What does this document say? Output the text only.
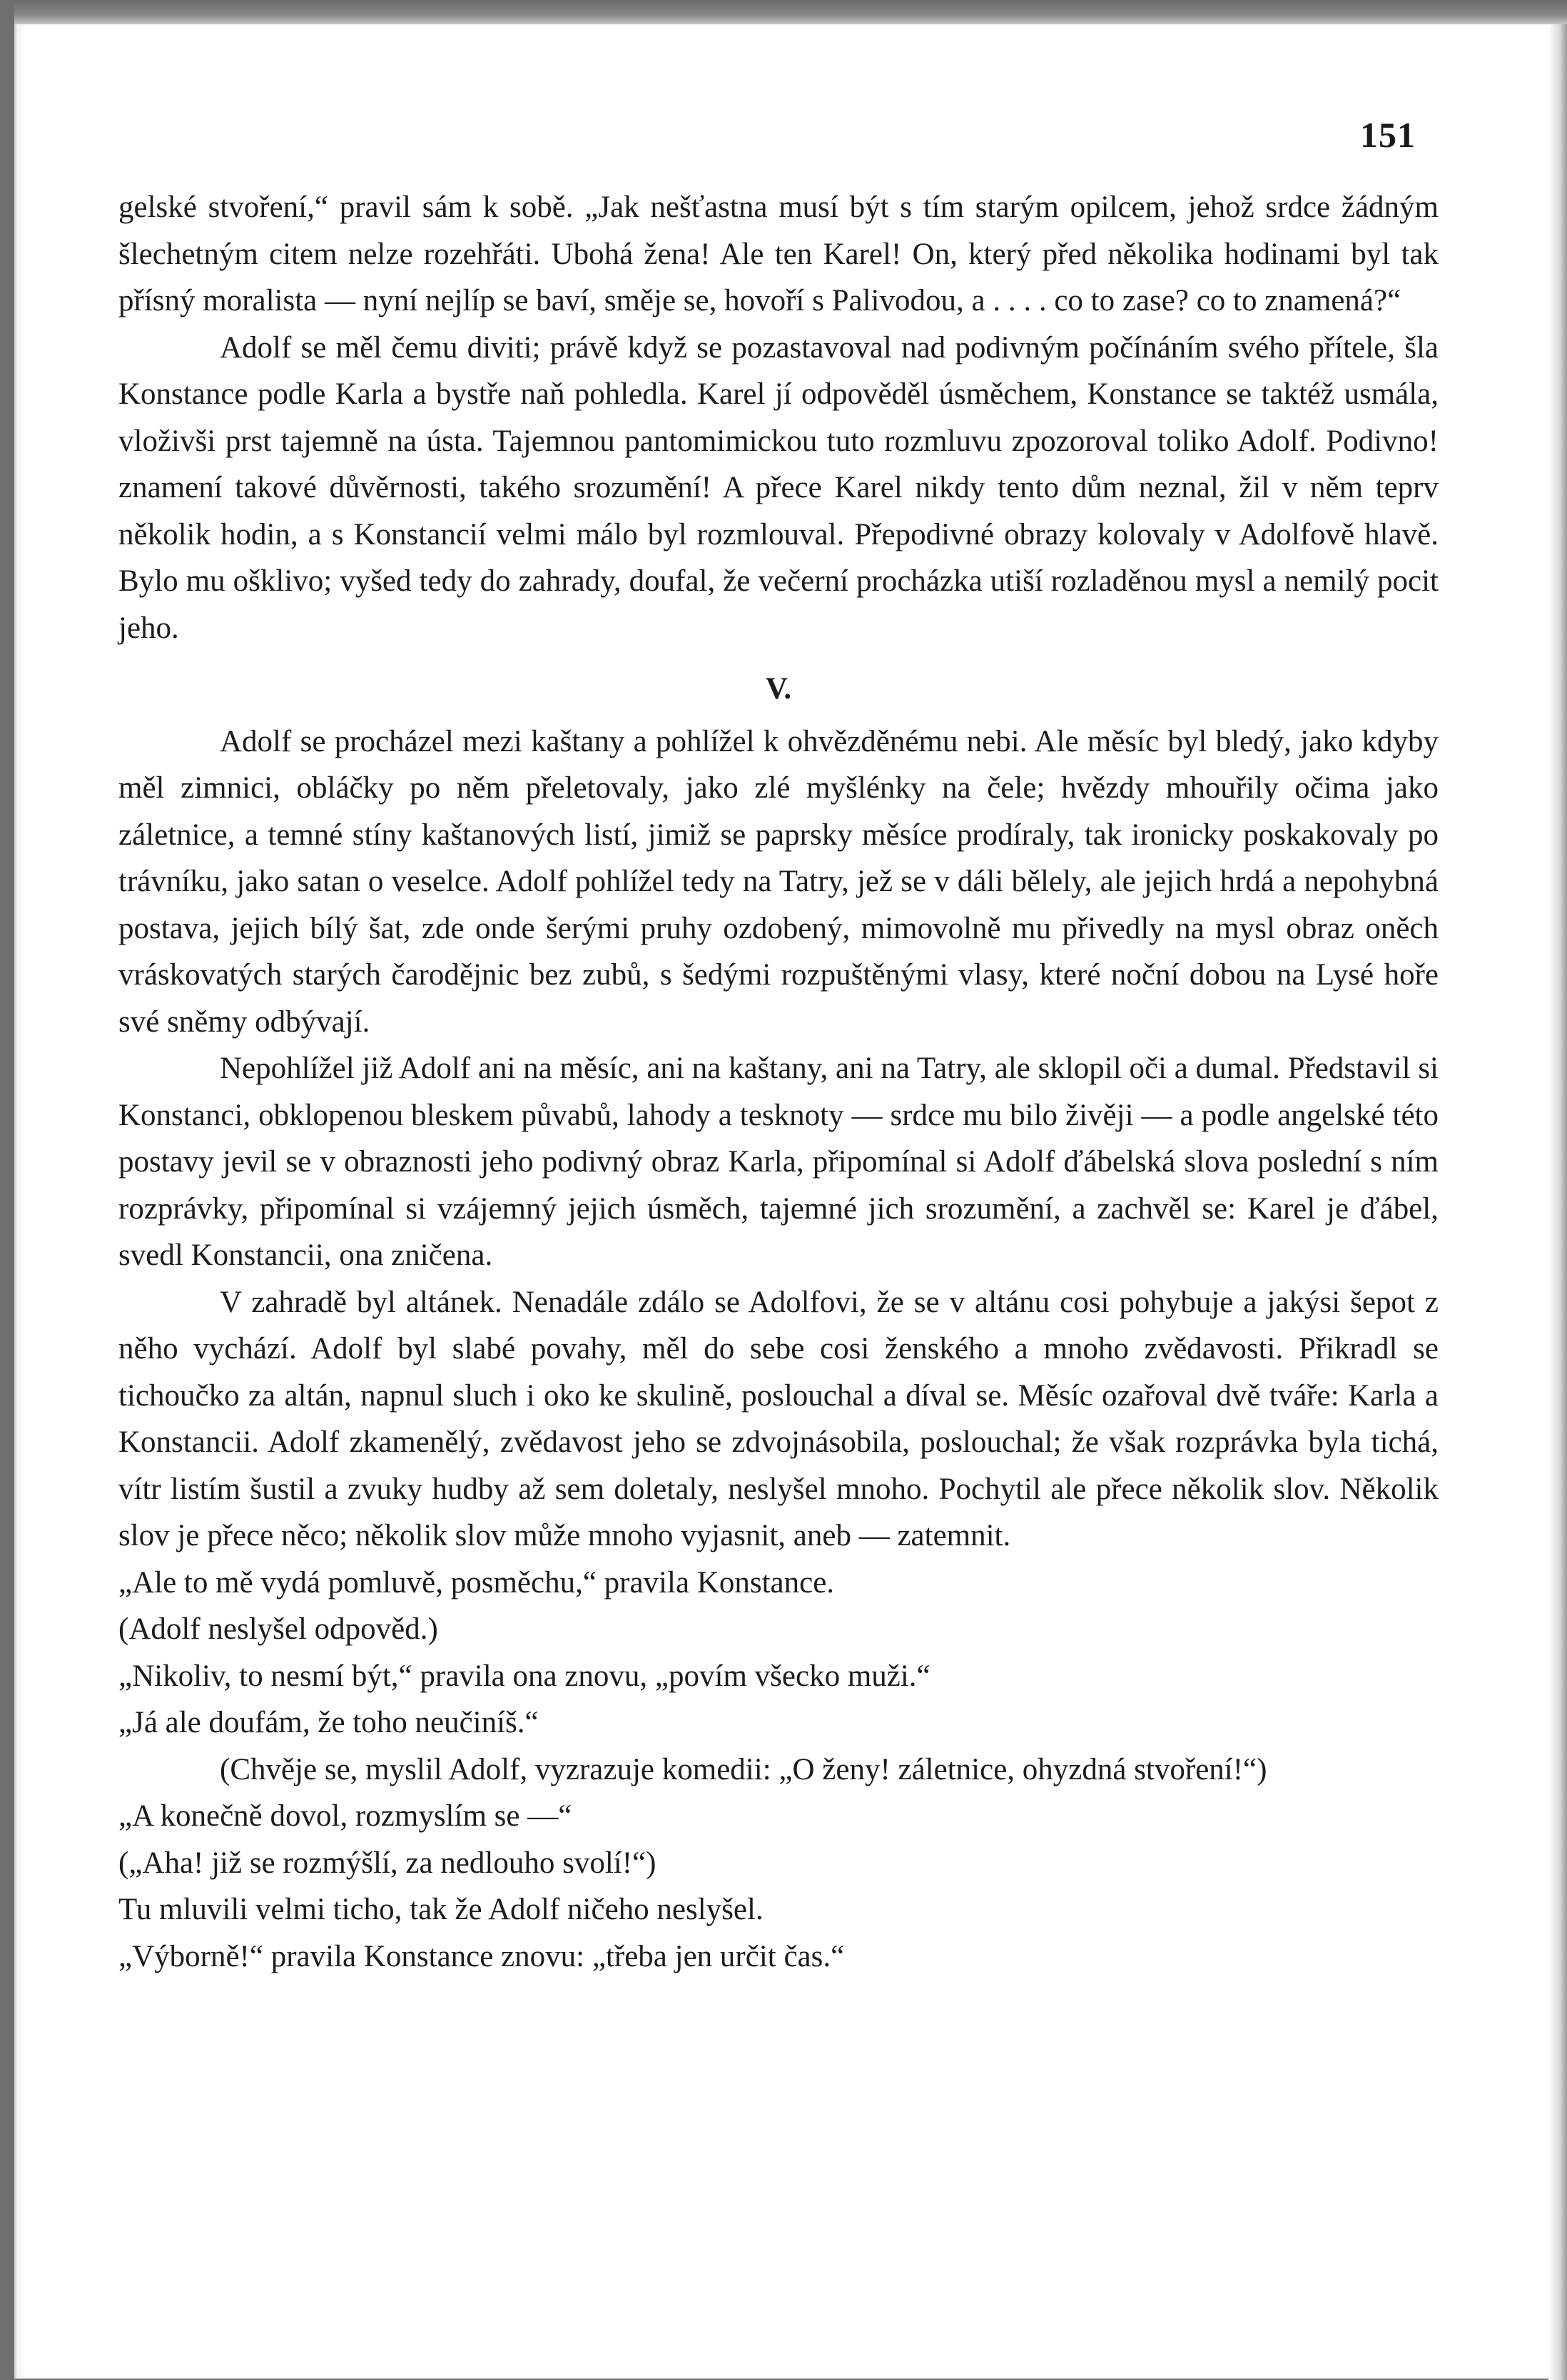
151

gelské stvoření,“ pravil sám k sobě. „Jak nešťastna musí být s tím starým opilcem, jehož srdce žádným šlechetným citem nelze rozehřáti. Ubohá žena! Ale ten Karel! On, který před několika hodinami byl tak přísný moralista — nyní nejlíp se baví, směje se, hovoří s Palivodou, a . . . . co to zase? co to znamená?“

Adolf se měl čemu diviti; právě když se pozastavoval nad podivným počínáním svého přítele, šla Konstance podle Karla a bystře naň pohledla. Karel jí odpověděl úsměchem, Konstance se taktéž usmála, vloživši prst tajemně na ústa. Tajemnou pantomimickou tuto rozmluvu zpozoroval toliko Adolf. Podivno! znamení takové důvěrnosti, takého srozumění! A přece Karel nikdy tento dům neznal, žil v něm teprv několik hodin, a s Konstancií velmi málo byl rozmlouval. Přepodivné obrazy kolovaly v Adolfově hlavě. Bylo mu ošklivo; vyšed tedy do zahrady, doufal, že večerní procházka utiší rozladěnou mysl a nemilý pocit jeho.

V.

Adolf se procházel mezi kaštany a pohlížel k ohvězděnému nebi. Ale měsíc byl bledý, jako kdyby měl zimnici, obláčky po něm přeletovaly, jako zlé myšlénky na čele; hvězdy mhouřily očima jako záletnice, a temné stíny kaštanových listí, jimiž se paprsky měsíce prodíraly, tak ironicky poskakovaly po trávníku, jako satan o veselce. Adolf pohlížel tedy na Tatry, jež se v dáli bělely, ale jejich hrdá a nepohybná postava, jejich bílý šat, zde onde šerými pruhy ozdobený, mimovolně mu přivedly na mysl obraz oněch vráskovatých starých čarodějnic bez zubů, s šedými rozpuštěnými vlasy, které noční dobou na Lysé hoře své sněmy odbývají.

Nepohlížel již Adolf ani na měsíc, ani na kaštany, ani na Tatry, ale sklopil oči a dumal. Představil si Konstanci, obklopenou bleskem půvabů, lahody a tesknoty — srdce mu bilo živěji — a podle angelské této postavy jevil se v obraznosti jeho podivný obraz Karla, připomínal si Adolf ďábelská slova poslední s ním rozprávky, připomínal si vzájemný jejich úsměch, tajemné jich srozumění, a zachvěl se: Karel je ďábel, svedl Konstancii, ona zničena.

V zahradě byl altánek. Nenadále zdálo se Adolfovi, že se v altánu cosi pohybuje a jakýsi šepot z něho vychází. Adolf byl slabé povahy, měl do sebe cosi ženského a mnoho zvědavosti. Přikradl se tichoučko za altán, napnul sluch i oko ke skulině, poslouchal a díval se. Měsíc ozařoval dvě tváře: Karla a Konstancii. Adolf zkamenělý, zvědavost jeho se zdvojnásobila, poslouchal; že však rozprávka byla tichá, vítr listím šustil a zvuky hudby až sem doletaly, neslyšel mnoho. Pochytil ale přece několik slov. Několik slov je přece něco; několik slov může mnoho vyjasnit, aneb — zatemnit.

„Ale to mě vydá pomluvě, posměchu,“ pravila Konstance.

(Adolf neslyšel odpověd.)

„Nikoliv, to nesmí být,“ pravila ona znovu, „povím všecko muži.“

„Já ale doufám, že toho neučiníš.“

(Chvěje se, myslil Adolf, vyzrazuje komedii: „O ženy! záletnice, ohyzdná stvoření!“)

„A konečně dovol, rozmyslím se —“

(„Aha! již se rozmýšlí, za nedlouho svolí!“)

Tu mluvili velmi ticho, tak že Adolf ničeho neslyšel.

„Výborně!“ pravila Konstance znovu: „třeba jen určit čas.“
